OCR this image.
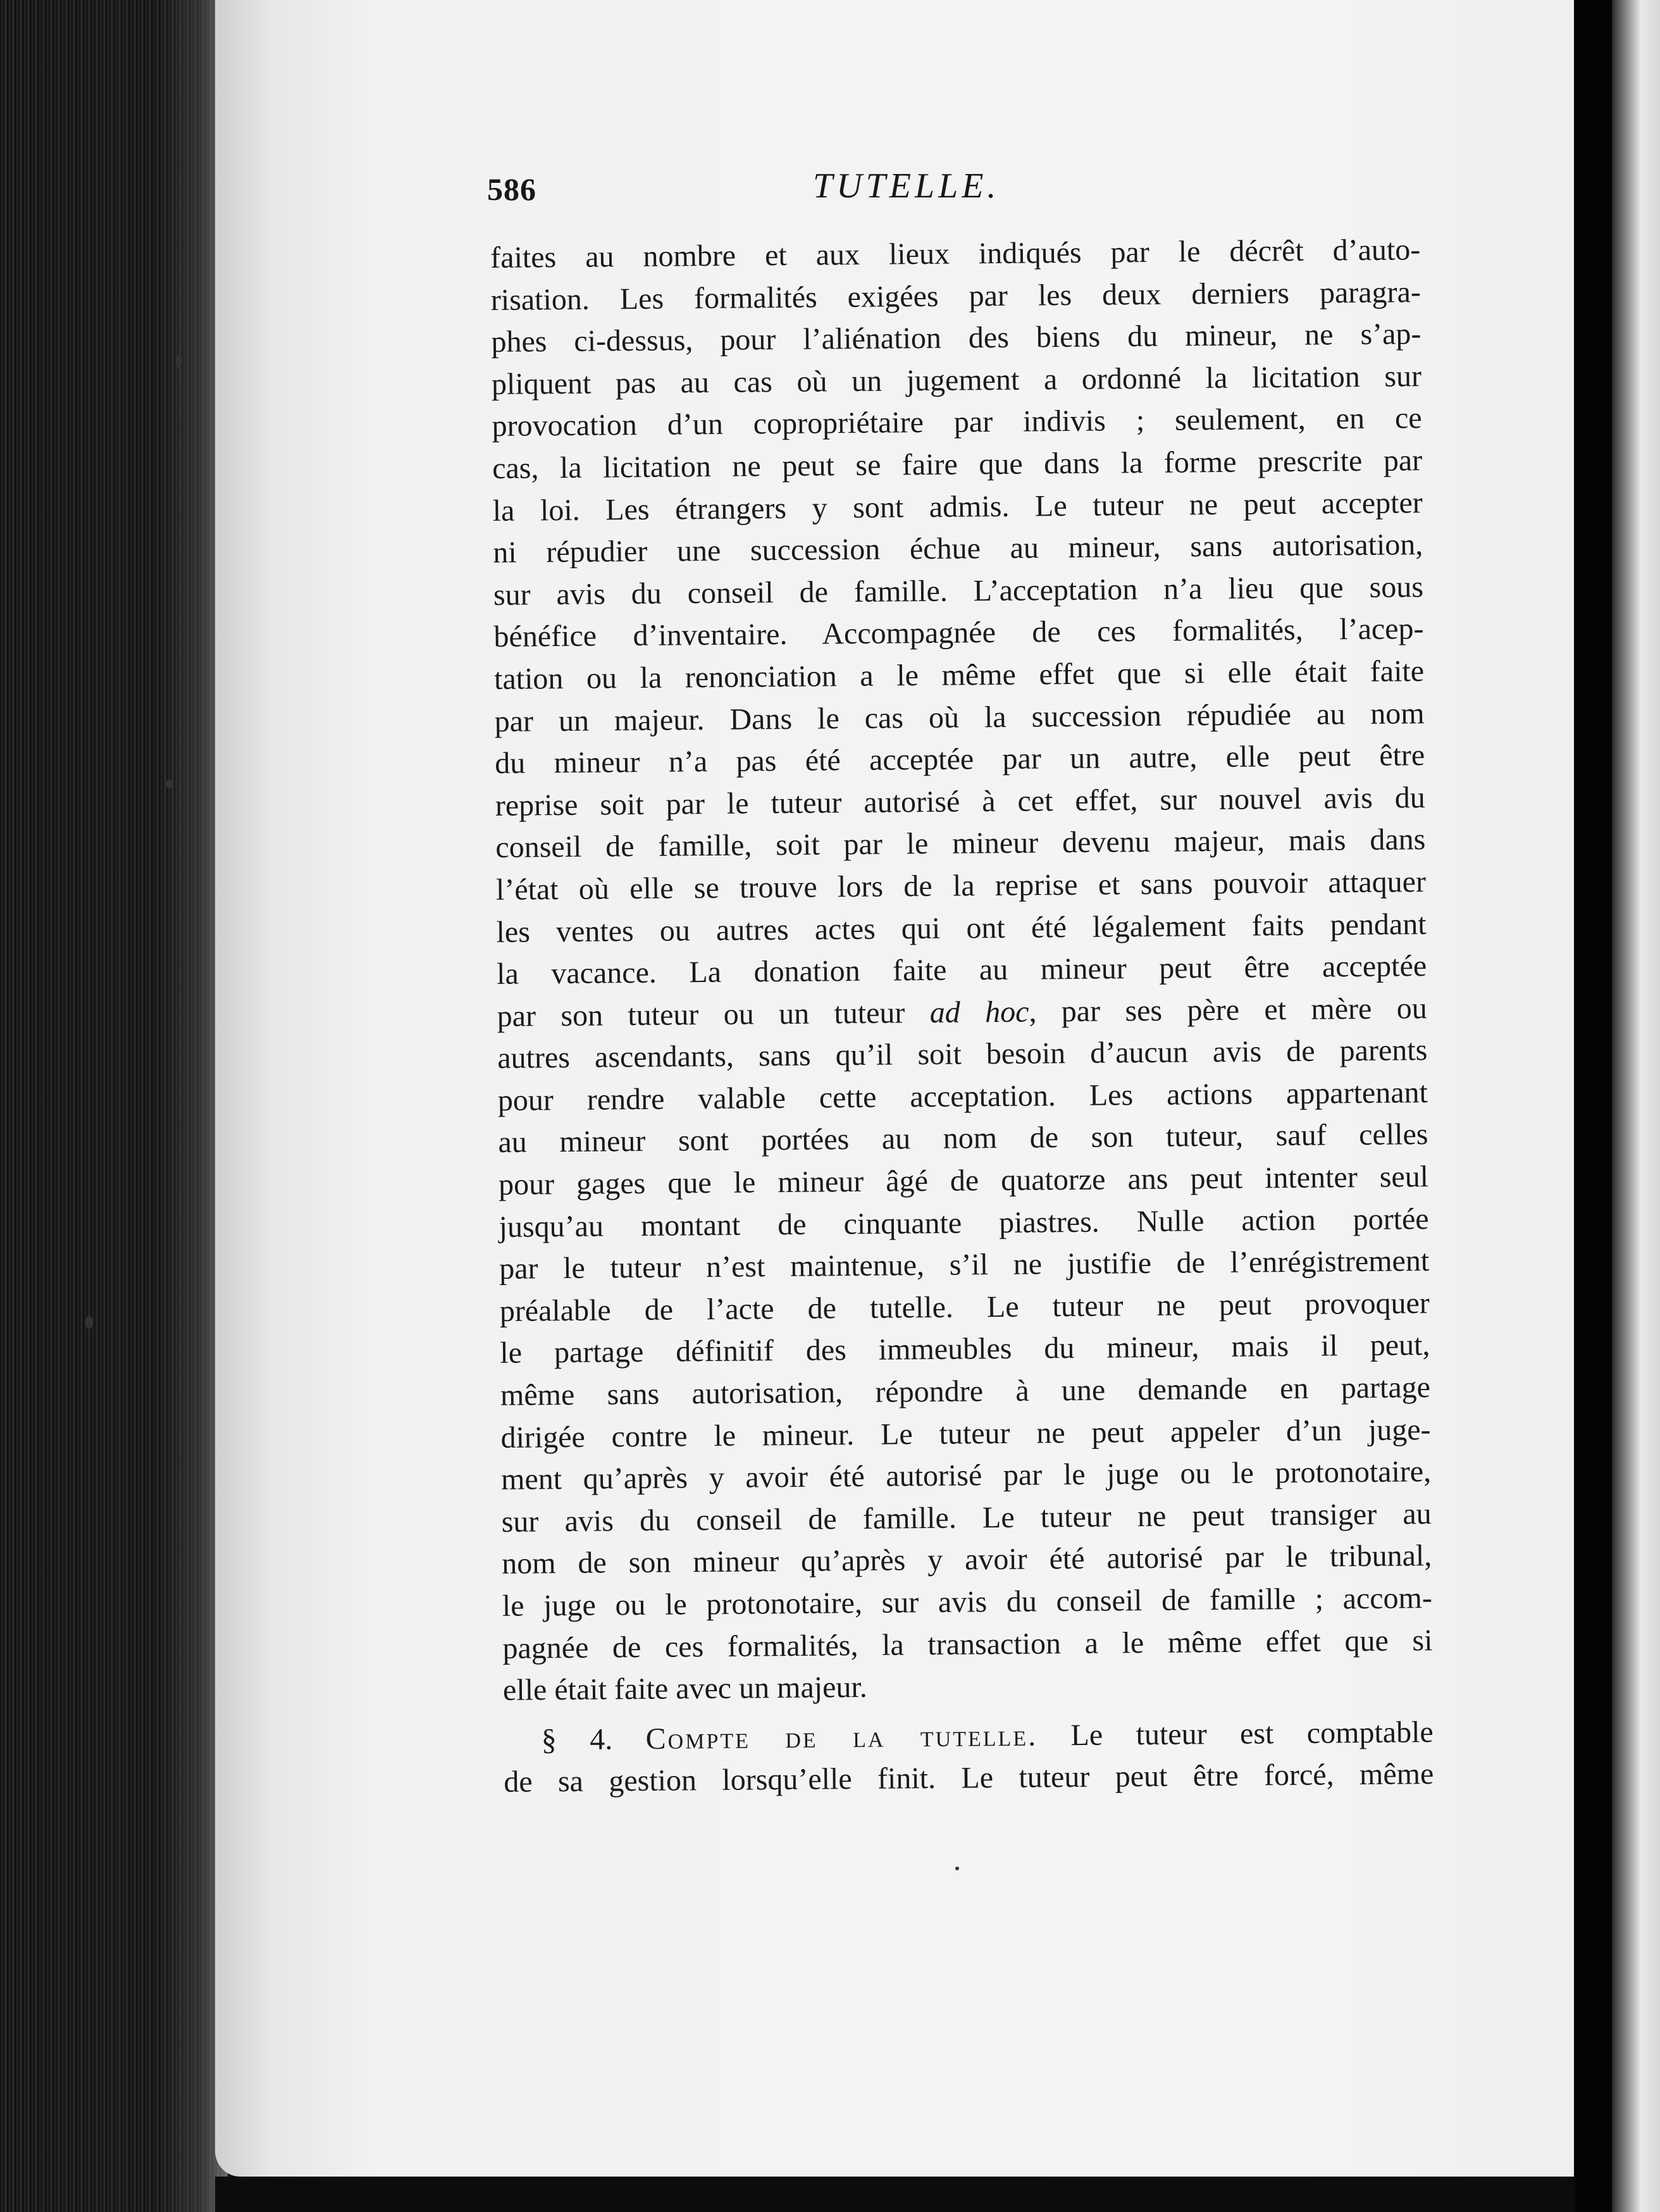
586	TUTELLE.
faites au nombre et aux lieux indiqués par le décrêt d’auto-
risation. Les formalités exigées par les deux derniers paragra-
phes ci-dessus, pour l’aliénation des biens du mineur, ne s’ap-
pliquent pas au cas où un jugement a ordonné la licitation sur
provocation d’un copropriétaire par indivis ; seulement, en ce
cas, la licitation ne peut se faire que dans la forme prescrite par
la loi. Les étrangers y sont admis. Le tuteur ne peut accepter
ni répudier une succession échue au mineur, sans autorisation,
sur avis du conseil de famille. L’acceptation n’a lieu que sous
bénéfice d’inventaire. Accompagnée de ces formalités, l’acep-
tation ou la renonciation a le même effet que si elle était faite
par un majeur. Dans le cas où la succession répudiée au nom
du mineur n’a pas été acceptée par un autre, elle peut être
reprise soit par le tuteur autorisé à cet effet, sur nouvel avis du
conseil de famille, soit par le mineur devenu majeur, mais dans
l’état où elle se trouve lors de la reprise et sans pouvoir attaquer
les ventes ou autres actes qui ont été légalement faits pendant
la vacance. La donation faite au mineur peut être acceptée
par son tuteur ou un tuteur ad hoc, par ses père et mère ou
autres ascendants, sans qu’il soit besoin d’aucun avis de parents
pour rendre valable cette acceptation. Les actions appartenant
au mineur sont portées au nom de son tuteur, sauf celles
pour gages que le mineur âgé de quatorze ans peut intenter seul
jusqu’au montant de cinquante piastres. Nulle action portée
par le tuteur n’est maintenue, s’il ne justifie de l’enrégistrement
préalable de l’acte de tutelle. Le tuteur ne peut provoquer
le partage définitif des immeubles du mineur, mais il peut,
même sans autorisation, répondre à une demande en partage
dirigée contre le mineur. Le tuteur ne peut appeler d’un juge-
ment qu’après y avoir été autorisé par le juge ou le protonotaire,
sur avis du conseil de famille. Le tuteur ne peut transiger au
nom de son mineur qu’après y avoir été autorisé par le tribunal,
le juge ou le protonotaire, sur avis du conseil de famille ; accom-
pagnée de ces formalités, la transaction a le même effet que si
elle était faite avec un majeur.
§ 4. Compte de la tutelle. Le tuteur est comptable
de sa gestion lorsqu’elle finit. Le tuteur peut être forcé, même
